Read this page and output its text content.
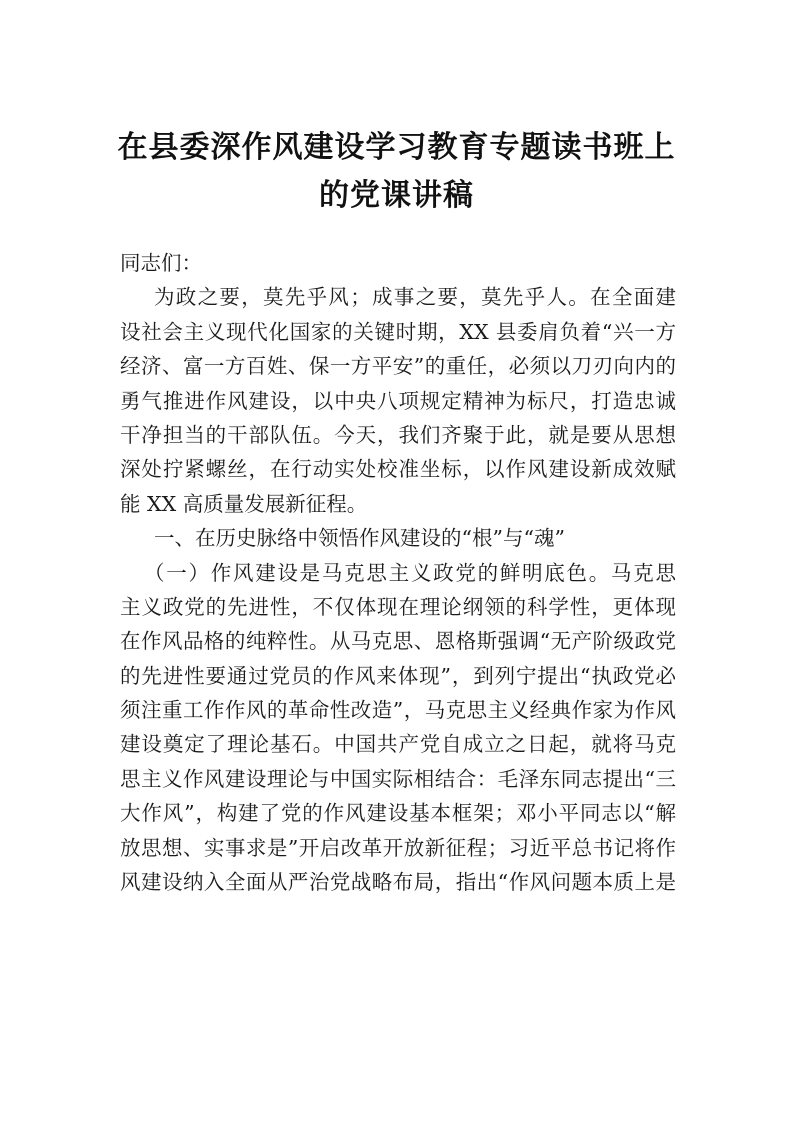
在县委深作风建设学习教育专题读书班上
的党课讲稿
同志们：
为政之要，莫先乎风；成事之要，莫先乎人。在全面建
设社会主义现代化国家的关键时期，XX 县委肩负着“兴一方
经济、富一方百姓、保一方平安”的重任，必须以刀刃向内的
勇气推进作风建设，以中央八项规定精神为标尺，打造忠诚
干净担当的干部队伍。今天，我们齐聚于此，就是要从思想
深处拧紧螺丝，在行动实处校准坐标，以作风建设新成效赋
能 XX 高质量发展新征程。
一、在历史脉络中领悟作风建设的“根”与“魂”
（一）作风建设是马克思主义政党的鲜明底色。马克思
主义政党的先进性，不仅体现在理论纲领的科学性，更体现
在作风品格的纯粹性。从马克思、恩格斯强调“无产阶级政党
的先进性要通过党员的作风来体现”，到列宁提出“执政党必
须注重工作作风的革命性改造”，马克思主义经典作家为作风
建设奠定了理论基石。中国共产党自成立之日起，就将马克
思主义作风建设理论与中国实际相结合：毛泽东同志提出“三
大作风”，构建了党的作风建设基本框架；邓小平同志以“解
放思想、实事求是”开启改革开放新征程；习近平总书记将作
风建设纳入全面从严治党战略布局，指出“作风问题本质上是
